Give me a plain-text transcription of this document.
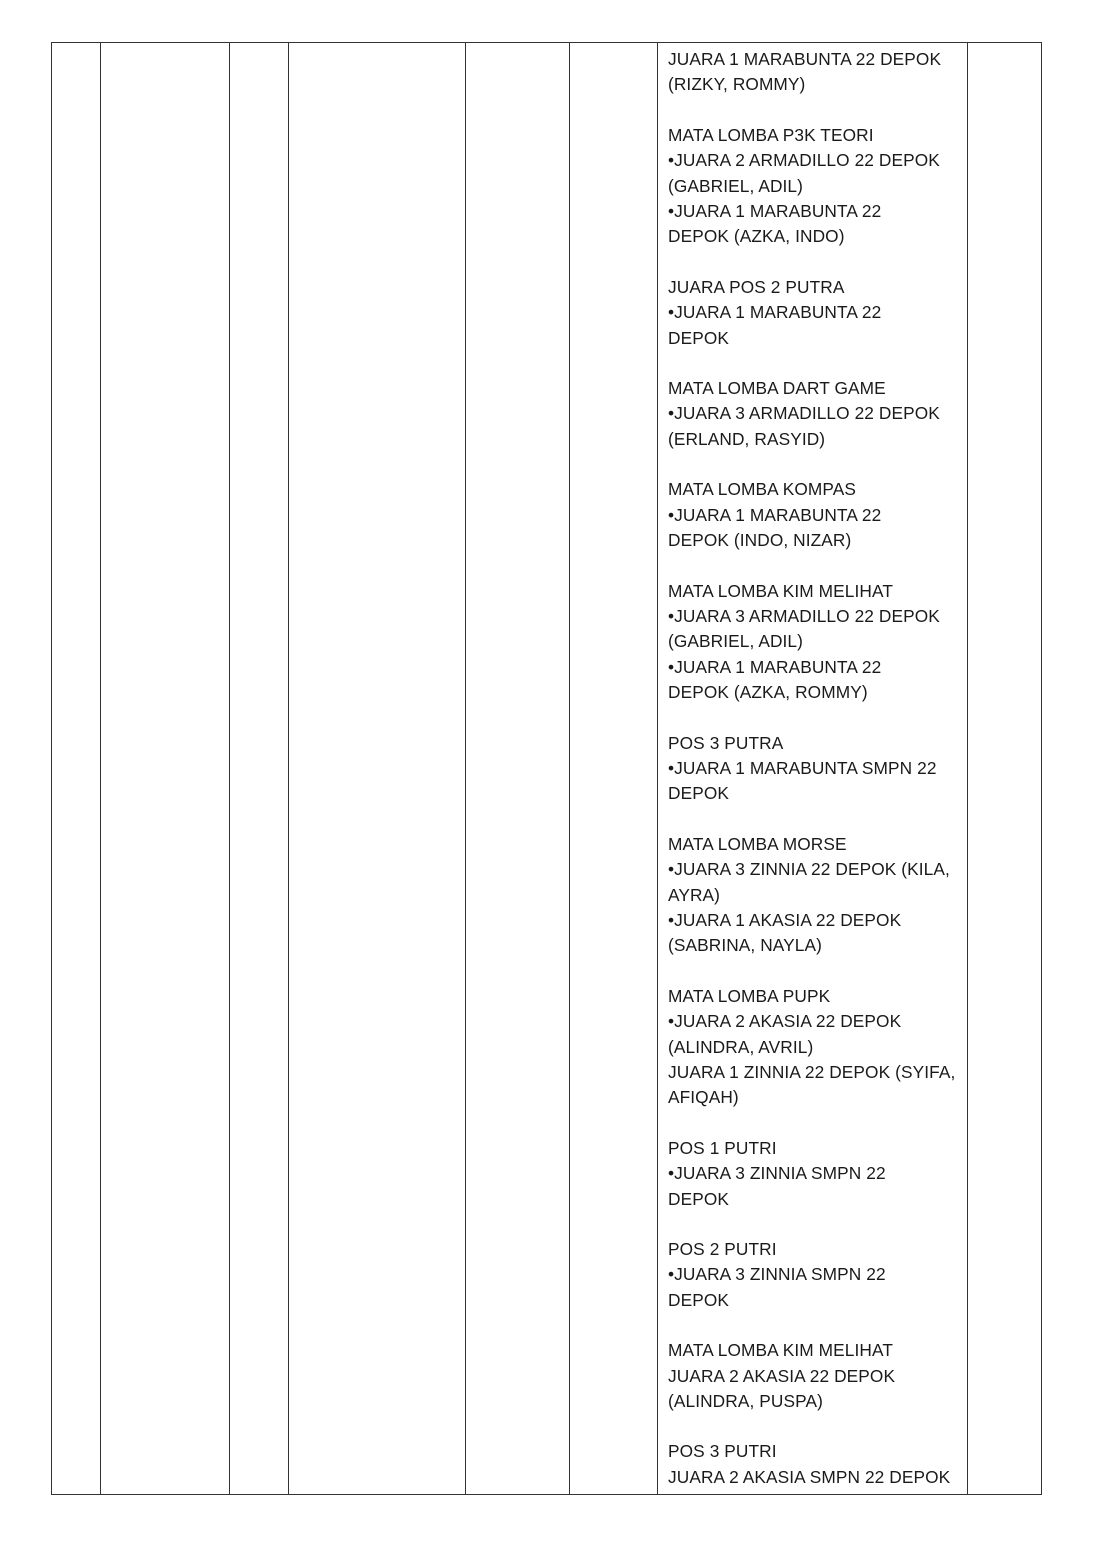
JUARA 1 MARABUNTA 22 DEPOK
(RIZKY, ROMMY)
MATA LOMBA P3K TEORI
•JUARA 2 ARMADILLO 22 DEPOK
(GABRIEL, ADIL)
•JUARA 1 MARABUNTA 22
DEPOK (AZKA, INDO)
JUARA POS 2 PUTRA
•JUARA 1 MARABUNTA 22
DEPOK
MATA LOMBA DART GAME
•JUARA 3 ARMADILLO 22 DEPOK
(ERLAND, RASYID)
MATA LOMBA KOMPAS
•JUARA 1 MARABUNTA 22
DEPOK (INDO, NIZAR)
MATA LOMBA KIM MELIHAT
•JUARA 3 ARMADILLO 22 DEPOK
(GABRIEL, ADIL)
•JUARA 1 MARABUNTA 22
DEPOK (AZKA, ROMMY)
POS 3 PUTRA
•JUARA 1 MARABUNTA SMPN 22
DEPOK
MATA LOMBA MORSE
•JUARA 3 ZINNIA 22 DEPOK (KILA,
AYRA)
•JUARA 1 AKASIA 22 DEPOK
(SABRINA, NAYLA)
MATA LOMBA PUPK
•JUARA 2 AKASIA 22 DEPOK
(ALINDRA, AVRIL)
JUARA 1 ZINNIA 22 DEPOK (SYIFA,
AFIQAH)
POS 1 PUTRI
•JUARA 3 ZINNIA SMPN 22
DEPOK
POS 2 PUTRI
•JUARA 3 ZINNIA SMPN 22
DEPOK
MATA LOMBA KIM MELIHAT
JUARA 2 AKASIA 22 DEPOK
(ALINDRA, PUSPA)
POS 3 PUTRI
JUARA 2 AKASIA SMPN 22 DEPOK
